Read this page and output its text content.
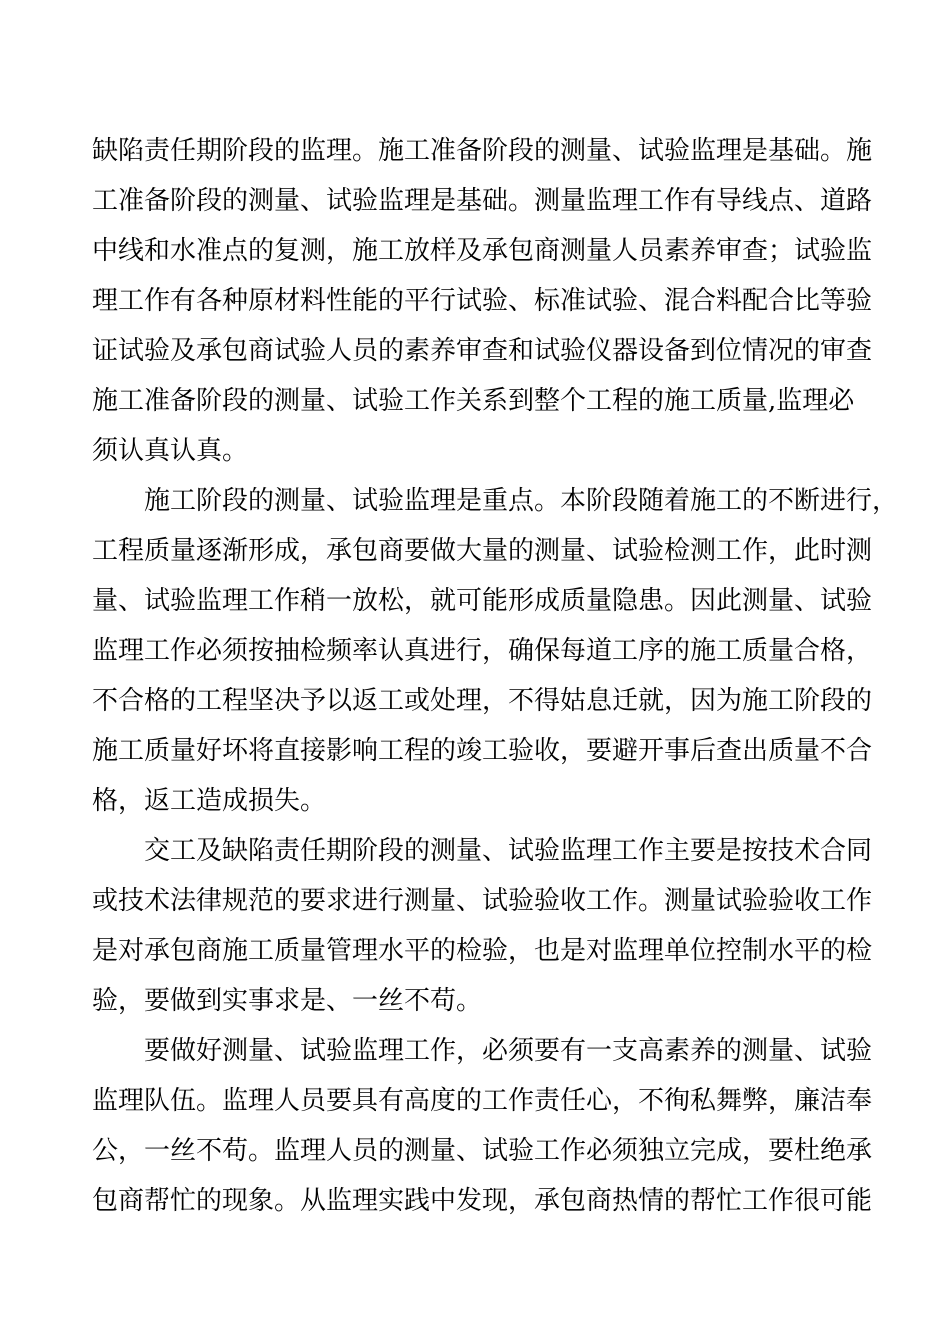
缺陷责任期阶段的监理。施工准备阶段的测量、试验监理是基础。施
工准备阶段的测量、试验监理是基础。测量监理工作有导线点、道路
中线和水准点的复测，施工放样及承包商测量人员素养审查；试验监
理工作有各种原材料性能的平行试验、标准试验、混合料配合比等验
证试验及承包商试验人员的素养审查和试验仪器设备到位情况的审查
施工准备阶段的测量、试验工作关系到整个工程的施工质量,监理必
须认真认真。
施工阶段的测量、试验监理是重点。本阶段随着施工的不断进行，
工程质量逐渐形成，承包商要做大量的测量、试验检测工作，此时测
量、试验监理工作稍一放松，就可能形成质量隐患。因此测量、试验
监理工作必须按抽检频率认真进行，确保每道工序的施工质量合格，
不合格的工程坚决予以返工或处理，不得姑息迁就，因为施工阶段的
施工质量好坏将直接影响工程的竣工验收，要避开事后查出质量不合
格，返工造成损失。
交工及缺陷责任期阶段的测量、试验监理工作主要是按技术合同
或技术法律规范的要求进行测量、试验验收工作。测量试验验收工作
是对承包商施工质量管理水平的检验，也是对监理单位控制水平的检
验，要做到实事求是、一丝不苟。
要做好测量、试验监理工作，必须要有一支高素养的测量、试验
监理队伍。监理人员要具有高度的工作责任心，不徇私舞弊，廉洁奉
公，一丝不苟。监理人员的测量、试验工作必须独立完成，要杜绝承
包商帮忙的现象。从监理实践中发现，承包商热情的帮忙工作很可能
